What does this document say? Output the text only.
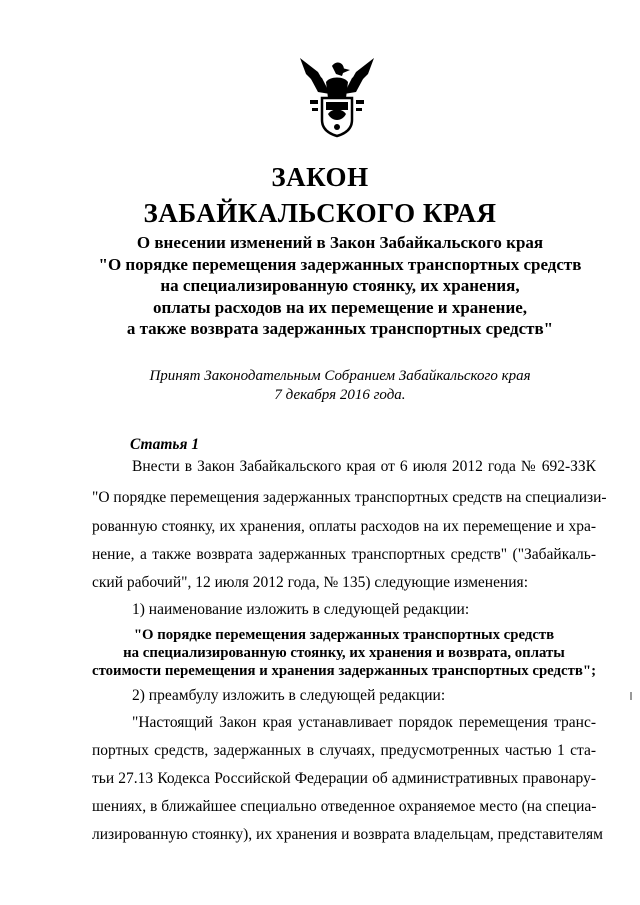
ЗАКОН
ЗАБАЙКАЛЬСКОГО КРАЯ
О внесении изменений в Закон Забайкальского края
"О порядке перемещения задержанных транспортных средств
на специализированную стоянку, их хранения,
оплаты расходов на их перемещение и хранение,
а также возврата задержанных транспортных средств"
Принят Законодательным Собранием Забайкальского края
7 декабря 2016 года.
Статья 1
Внести в Закон Забайкальского края от 6 июля 2012 года № 692-ЗЗК
"О порядке перемещения задержанных транспортных средств на специализи-
рованную стоянку, их хранения, оплаты расходов на их перемещение и хра-
нение, а также возврата задержанных транспортных средств" ("Забайкаль-
ский рабочий", 12 июля 2012 года, № 135) следующие изменения:
1) наименование изложить в следующей редакции:
"О порядке перемещения задержанных транспортных средств
на специализированную стоянку, их хранения и возврата, оплаты
стоимости перемещения и хранения задержанных транспортных средств";
2) преамбулу изложить в следующей редакции:
"Настоящий Закон края устанавливает порядок перемещения транс-
портных средств, задержанных в случаях, предусмотренных частью 1 ста-
тьи 27.13 Кодекса Российской Федерации об административных правонару-
шениях, в ближайшее специально отведенное охраняемое место (на специа-
лизированную стоянку), их хранения и возврата владельцам, представителям
